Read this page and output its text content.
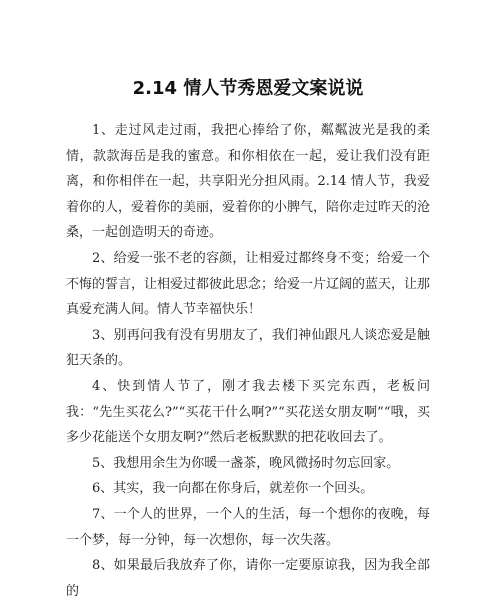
2.14 情人节秀恩爱文案说说

1、走过风走过雨，我把心捧给了你，粼粼波光是我的柔情，款款海岳是我的蜜意。和你相依在一起，爱让我们没有距离，和你相伴在一起，共享阳光分担风雨。2.14 情人节，我爱着你的人，爱着你的美丽，爱着你的小脾气，陪你走过昨天的沧桑，一起创造明天的奇迹。

2、给爱一张不老的容颜，让相爱过都终身不变；给爱一个不悔的誓言，让相爱过都彼此思念；给爱一片辽阔的蓝天，让那真爱充满人间。情人节幸福快乐！

3、别再问我有没有男朋友了，我们神仙跟凡人谈恋爱是触犯天条的。

4、快到情人节了，刚才我去楼下买完东西，老板问我：“先生买花么?”“买花干什么啊?”“买花送女朋友啊”“哦，买多少花能送个女朋友啊?”然后老板默默的把花收回去了。

5、我想用余生为你暖一盏茶，晚风微扬时勿忘回家。

6、其实，我一向都在你身后，就差你一个回头。

7、一个人的世界，一个人的生活，每一个想你的夜晚，每一个梦，每一分钟，每一次想你，每一次失落。

8、如果最后我放弃了你，请你一定要原谅我，因为我全部的
